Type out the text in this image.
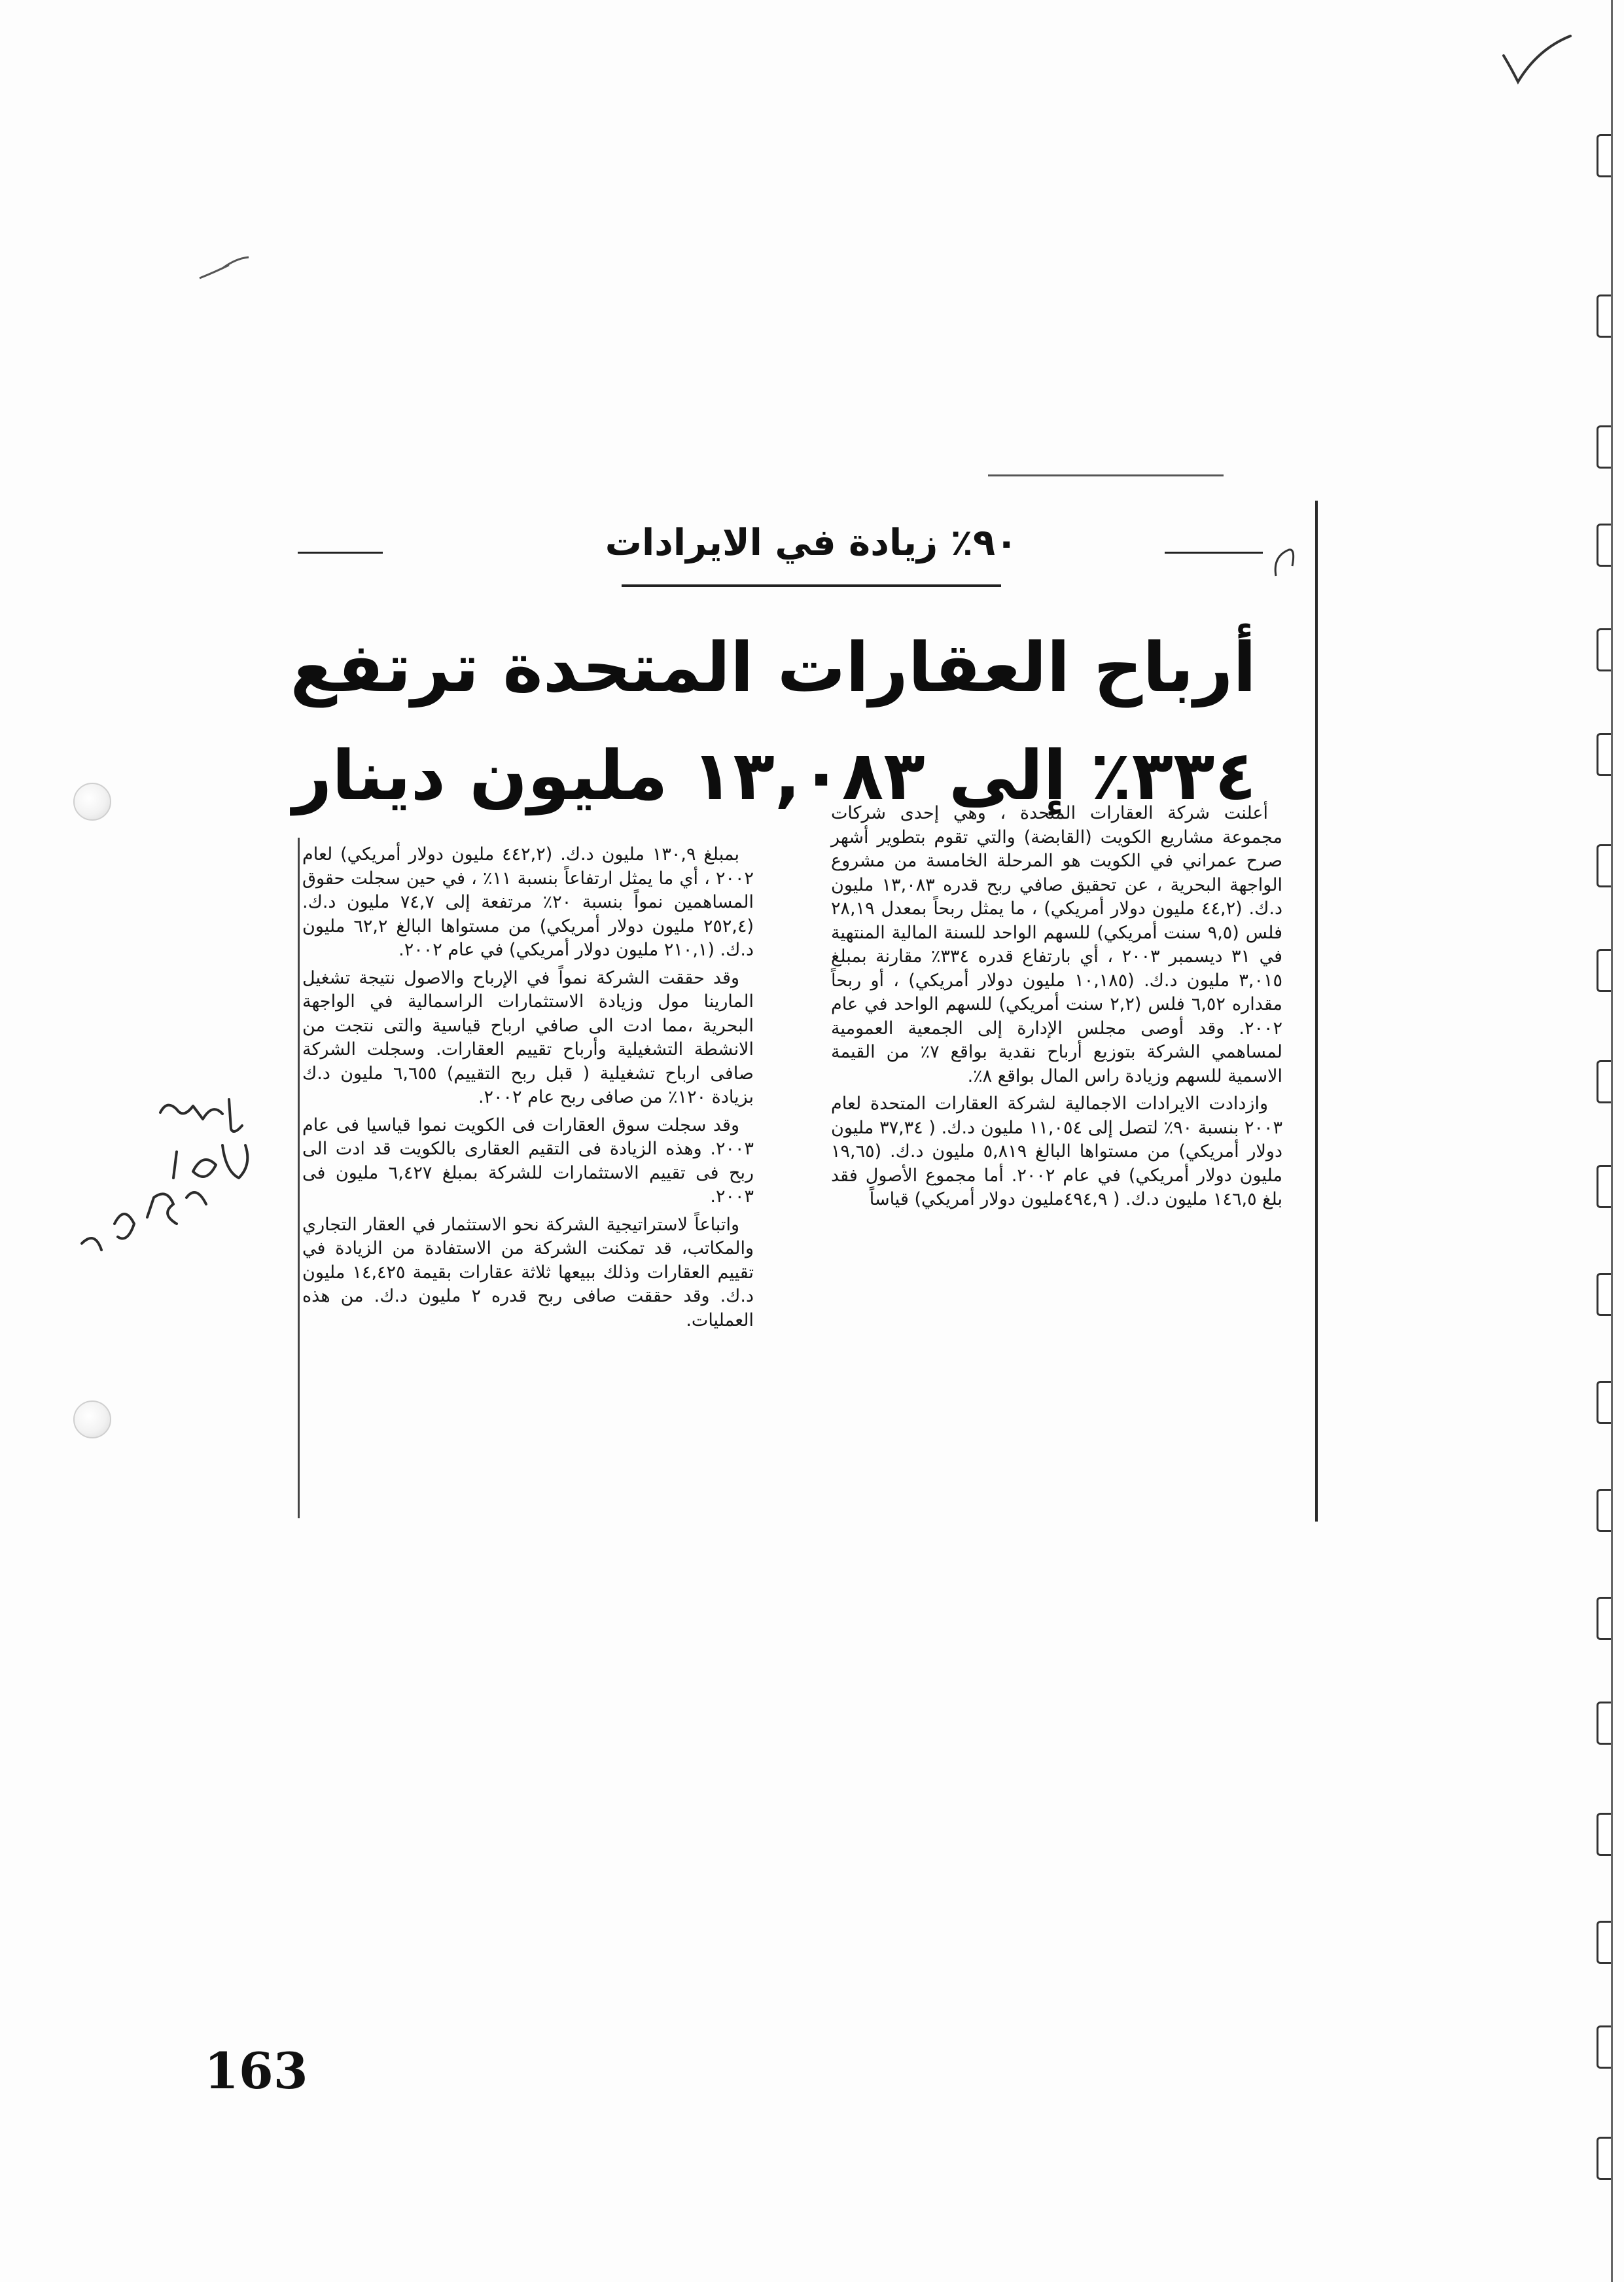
٩٠٪ زيادة في الايرادات
أرباح العقارات المتحدة ترتفع
٣٣٤٪ إلى ١٣,٠٨٣ مليون دينار

أعلنت شركة العقارات المتحدة ، وهي إحدى شركات مجموعة مشاريع الكويت (القابضة) والتي تقوم بتطوير أشهر صرح عمراني في الكويت هو المرحلة الخامسة من مشروع الواجهة البحرية ، عن تحقيق صافي ربح قدره ١٣,٠٨٣ مليون د.ك. (٤٤,٢ مليون دولار أمريكي) ، ما يمثل ربحاً بمعدل ٢٨,١٩ فلس (٩,٥ سنت أمريكي) للسهم الواحد للسنة المالية المنتهية في ٣١ ديسمبر ٢٠٠٣ ، أي بارتفاع قدره ٣٣٤٪ مقارنة بمبلغ ٣,٠١٥ مليون د.ك. (١٠,١٨٥ مليون دولار أمريكي) ، أو ربحاً مقداره ٦,٥٢ فلس (٢,٢ سنت أمريكي) للسهم الواحد في عام ٢٠٠٢. وقد أوصى مجلس الإدارة إلى الجمعية العمومية لمساهمي الشركة بتوزيع أرباح نقدية بواقع ٧٪ من القيمة الاسمية للسهم وزيادة راس المال بواقع ٨٪.

وازدادت الايرادات الاجمالية لشركة العقارات المتحدة لعام ٢٠٠٣ بنسبة ٩٠٪ لتصل إلى ١١,٠٥٤ مليون د.ك. ( ٣٧,٣٤ مليون دولار أمريكي) من مستواها البالغ ٥,٨١٩ مليون د.ك. (١٩,٦٥ مليون دولار أمريكي) في عام ٢٠٠٢. أما مجموع الأصول فقد بلغ ١٤٦,٥ مليون د.ك. ( ٤٩٤,٩مليون دولار أمريكي) قياساً

بمبلغ ١٣٠,٩ مليون د.ك. (٤٤٢,٢ مليون دولار أمريكي) لعام ٢٠٠٢ ، أي ما يمثل ارتفاعاً بنسبة ١١٪ ، في حين سجلت حقوق المساهمين نمواً بنسبة ٢٠٪ مرتفعة إلى ٧٤,٧ مليون د.ك. (٢٥٢,٤ مليون دولار أمريكي) من مستواها البالغ ٦٢,٢ مليون د.ك. (٢١٠,١ مليون دولار أمريكي) في عام ٢٠٠٢.

وقد حققت الشركة نمواً في الإرباح والاصول نتيجة تشغيل المارينا مول وزيادة الاستثمارات الراسمالية في الواجهة البحرية ،مما ادت الى صافي ارباح قياسية والتى نتجت من الانشطة التشغيلية وأرباح تقييم العقارات. وسجلت الشركة صافى ارباح تشغيلية ( قبل ربح التقييم) ٦,٦٥٥ مليون د.ك بزيادة ١٢٠٪ من صافى ربح عام ٢٠٠٢.

وقد سجلت سوق العقارات فى الكويت نموا قياسيا فى عام ٢٠٠٣. وهذه الزيادة فى التقيم العقارى بالكويت قد ادت الى ربح فى تقييم الاستثمارات للشركة بمبلغ ٦,٤٢٧ مليون فى ٢٠٠٣.

واتباعاً لاستراتيجية الشركة نحو الاستثمار في العقار التجاري والمكاتب، قد تمكنت الشركة من الاستفادة من الزيادة في تقييم العقارات وذلك ببيعها ثلاثة عقارات بقيمة ١٤,٤٢٥ مليون د.ك. وقد حققت صافى ربح قدره ٢ مليون د.ك. من هذه العمليات.

163
